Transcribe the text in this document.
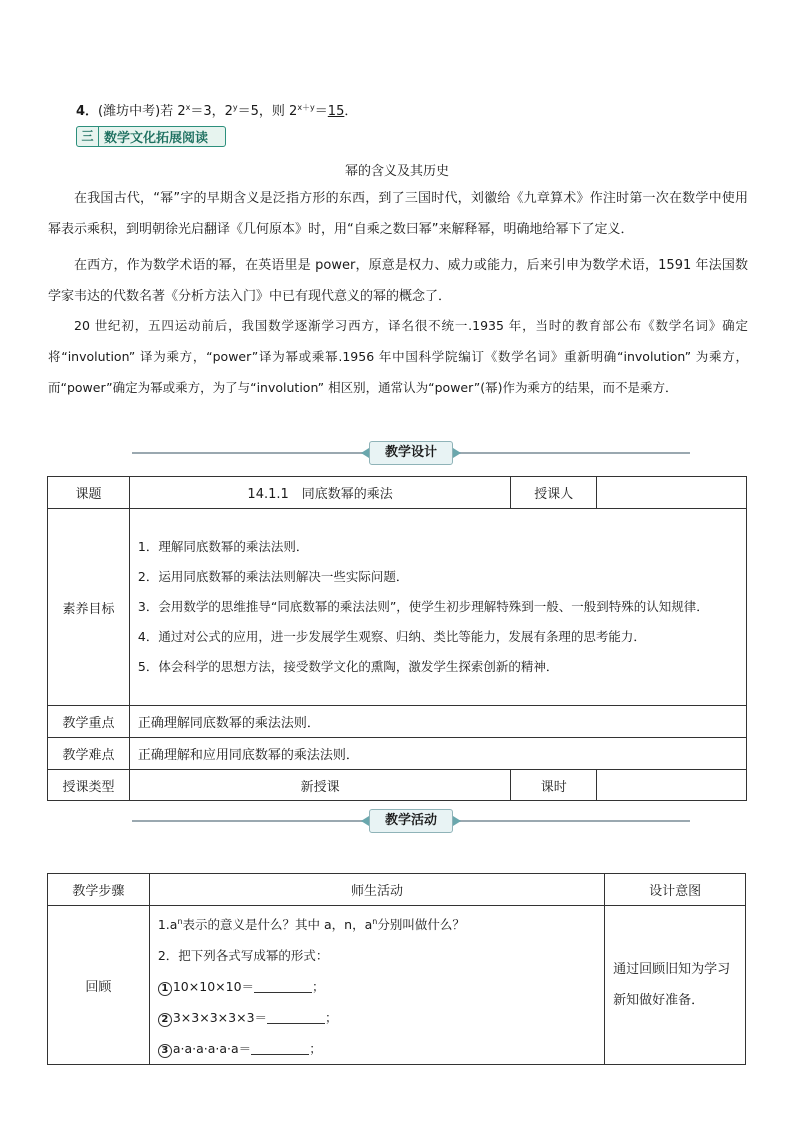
4．(潍坊中考)若 $2^x=3$，$2^y=5$，则 $2^{x+y}=15$．
三 数学文化拓展阅读
幂的含义及其历史
在我国古代，“幂”字的早期含义是泛指方形的东西，到了三国时代，刘徽给《九章算术》作注时第一次在数学中使用幂表示乘积，到明朝徐光启翻译《几何原本》时，用“自乘之数曰幂”来解释幂，明确地给幂下了定义．
在西方，作为数学术语的幂，在英语里是 power，原意是权力、威力或能力，后来引申为数学术语，1591 年法国数学家韦达的代数名著《分析方法入门》中已有现代意义的幂的概念了．
20 世纪初，五四运动前后，我国数学逐渐学习西方，译名很不统一.1935 年，当时的教育部公布《数学名词》确定将“involution” 译为乘方，“power”译为幂或乘幂.1956 年中国科学院编订《数学名词》重新明确“involution” 为乘方，而“power”确定为幂或乘方，为了与“involution” 相区别，通常认为“power”(幂)作为乘方的结果，而不是乘方．
教学设计
课题	14.1.1　同底数幂的乘法	授课人	
素养目标	1．理解同底数幂的乘法法则．
2．运用同底数幂的乘法法则解决一些实际问题．
3．会用数学的思维推导“同底数幂的乘法法则”，使学生初步理解特殊到一般、一般到特殊的认知规律．
4．通过对公式的应用，进一步发展学生观察、归纳、类比等能力，发展有条理的思考能力．
5．体会科学的思想方法，接受数学文化的熏陶，激发学生探索创新的精神．		

教学重点	正确理解同底数幂的乘法法则．		
教学难点	正确理解和应用同底数幂的乘法法则．		
授课类型	新授课	课时	
教学活动
教学步骤	师生活动	设计意图
回顾	$1.a^n$表示的意义是什么？其中 a，n，$a^n$分别叫做什么？
2．把下列各式写成幂的形式：
1 10×10×10＝ ；
2 3×3×3×3×3＝ ；
3 a·a·a·a·a·a＝ ；	通过回顾旧知为学习新知做好准备．
